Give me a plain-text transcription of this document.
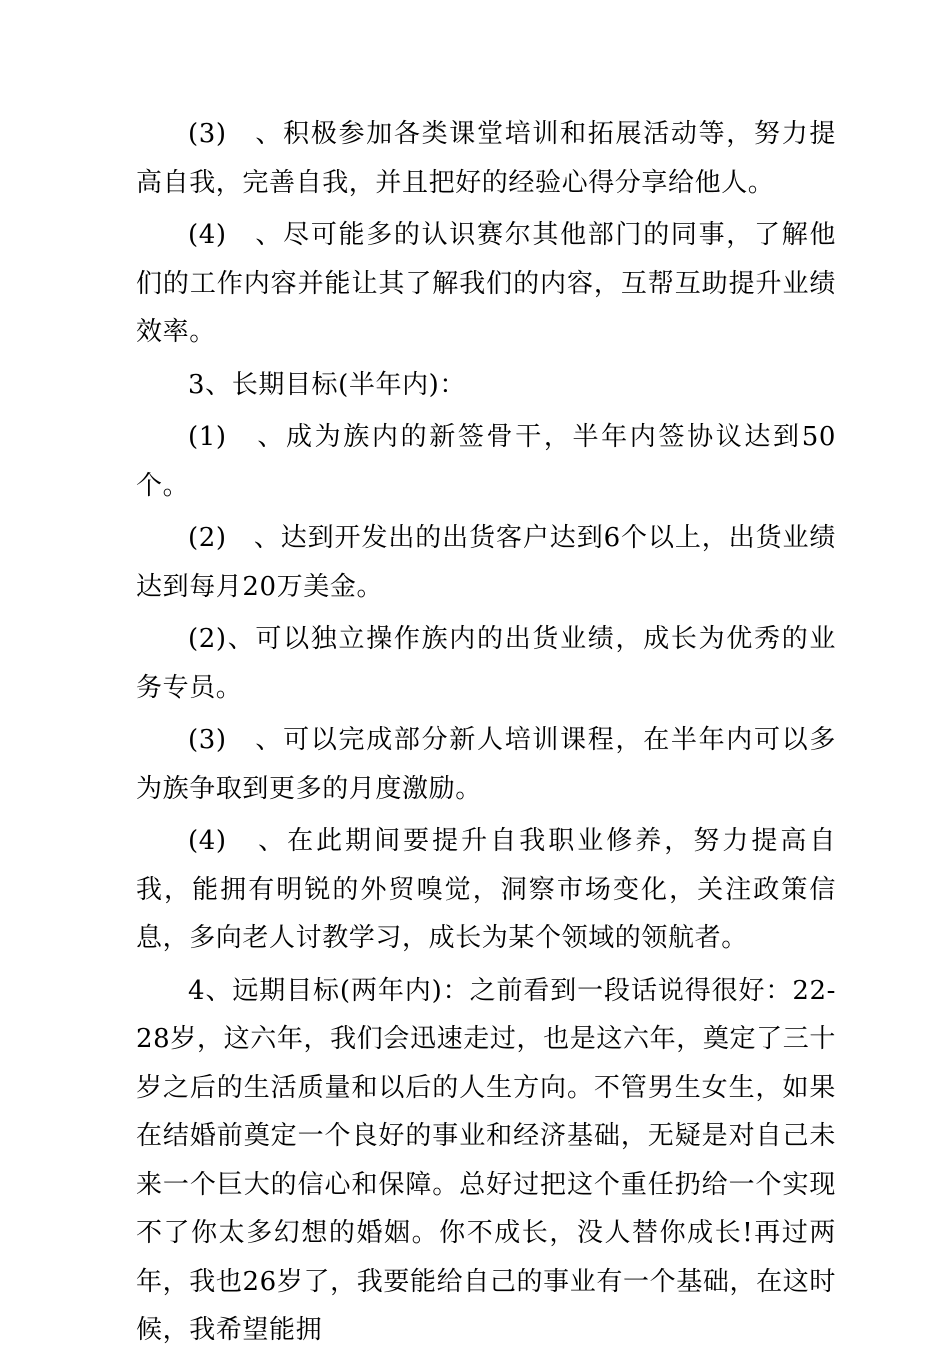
(3)　、积极参加各类课堂培训和拓展活动等，努力提高自我，完善自我，并且把好的经验心得分享给他人。

(4)　、尽可能多的认识赛尔其他部门的同事，了解他们的工作内容并能让其了解我们的内容，互帮互助提升业绩效率。

3、长期目标(半年内)：

(1)　、成为族内的新签骨干，半年内签协议达到50个。

(2)　、达到开发出的出货客户达到6个以上，出货业绩达到每月20万美金。

(2)、可以独立操作族内的出货业绩，成长为优秀的业务专员。

(3)　、可以完成部分新人培训课程，在半年内可以多为族争取到更多的月度激励。

(4)　、在此期间要提升自我职业修养，努力提高自我，能拥有明锐的外贸嗅觉，洞察市场变化，关注政策信息，多向老人讨教学习，成长为某个领域的领航者。

4、远期目标(两年内)：之前看到一段话说得很好：22-28岁，这六年，我们会迅速走过，也是这六年，奠定了三十岁之后的生活质量和以后的人生方向。不管男生女生，如果在结婚前奠定一个良好的事业和经济基础，无疑是对自己未来一个巨大的信心和保障。总好过把这个重任扔给一个实现不了你太多幻想的婚姻。你不成长，没人替你成长!再过两年，我也26岁了，我要能给自己的事业有一个基础，在这时候，我希望能拥
